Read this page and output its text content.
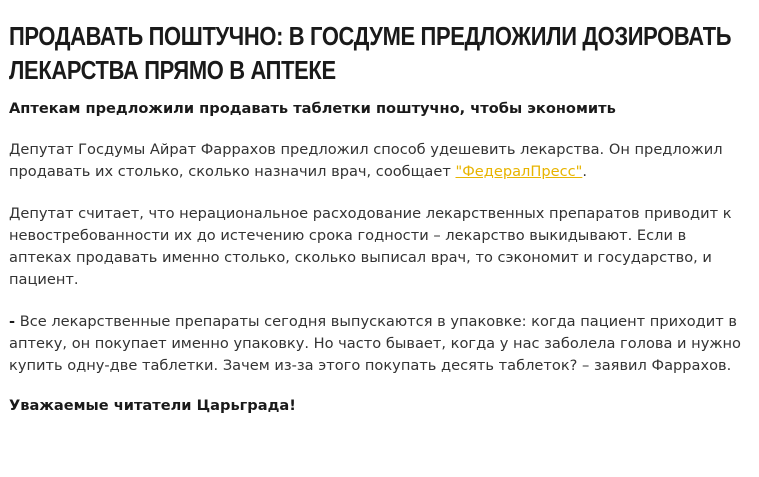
ПРОДАВАТЬ ПОШТУЧНО: В ГОСДУМЕ ПРЕДЛОЖИЛИ ДОЗИРОВАТЬ ЛЕКАРСТВА ПРЯМО В АПТЕКЕ

Аптекам предложили продавать таблетки поштучно, чтобы экономить

Депутат Госдумы Айрат Фаррахов предложил способ удешевить лекарства. Он предложил продавать их столько, сколько назначил врач, сообщает "ФедералПресс".

Депутат считает, что нерациональное расходование лекарственных препаратов приводит к невостребованности их до истечению срока годности – лекарство выкидывают. Если в аптеках продавать именно столько, сколько выписал врач, то сэкономит и государство, и пациент.

- Все лекарственные препараты сегодня выпускаются в упаковке: когда пациент приходит в аптеку, он покупает именно упаковку. Но часто бывает, когда у нас заболела голова и нужно купить одну-две таблетки. Зачем из-за этого покупать десять таблеток? – заявил Фаррахов.

Уважаемые читатели Царьграда!
